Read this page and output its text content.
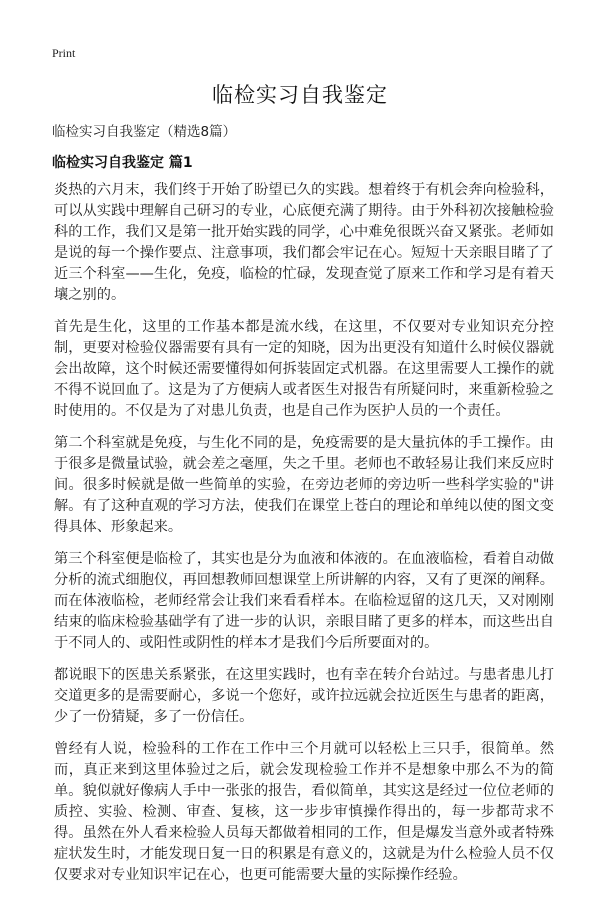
Print
临检实习自我鉴定

临检实习自我鉴定（精选8篇）

临检实习自我鉴定 篇1

炎热的六月末，我们终于开始了盼望已久的实践。想着终于有机会奔向检验科，可以从实践中理解自己研习的专业，心底便充满了期待。由于外科初次接触检验科的工作，我们又是第一批开始实践的同学，心中难免很既兴奋又紧张。老师如是说的每一个操作要点、注意事项，我们都会牢记在心。短短十天亲眼目睹了了近三个科室——生化，免疫，临检的忙碌，发现查觉了原来工作和学习是有着天壤之别的。

首先是生化，这里的工作基本都是流水线，在这里，不仅要对专业知识充分控制，更要对检验仪器需要有具有一定的知晓，因为出更没有知道什么时候仪器就会出故障，这个时候还需要懂得如何拆装固定式机器。在这里需要人工操作的就不得不说回血了。这是为了方便病人或者医生对报告有所疑问时，来重新检验之时使用的。不仅是为了对患儿负责，也是自己作为医护人员的一个责任。

第二个科室就是免疫，与生化不同的是，免疫需要的是大量抗体的手工操作。由于很多是微量试验，就会差之毫厘，失之千里。老师也不敢轻易让我们来反应时间。很多时候就是做一些简单的实验，在旁边老师的旁边听一些科学实验的"讲解。有了这种直观的学习方法，使我们在课堂上苍白的理论和单纯以使的图文变得具体、形象起来。

第三个科室便是临检了，其实也是分为血液和体液的。在血液临检，看着自动做分析的流式细胞仪，再回想教师回想课堂上所讲解的内容，又有了更深的阐释。而在体液临检，老师经常会让我们来看看样本。在临检逗留的这几天，又对刚刚结束的临床检验基础学有了进一步的认识，亲眼目睹了更多的样本，而这些出自于不同人的、或阳性或阴性的样本才是我们今后所要面对的。

都说眼下的医患关系紧张，在这里实践时，也有幸在转介台站过。与患者患儿打交道更多的是需要耐心，多说一个您好，或许拉远就会拉近医生与患者的距离，少了一份猜疑，多了一份信任。

曾经有人说，检验科的工作在工作中三个月就可以轻松上三只手，很简单。然而，真正来到这里体验过之后，就会发现检验工作并不是想象中那么不为的简单。貌似就好像病人手中一张张的报告，看似简单，其实这是经过一位位老师的质控、实验、检测、审查、复核，这一步步审慎操作得出的，每一步都苛求不得。虽然在外人看来检验人员每天都做着相同的工作，但是爆发当意外或者特殊症状发生时，才能发现日复一日的积累是有意义的，这就是为什么检验人员不仅仅要求对专业知识牢记在心，也更可能需要大量的实际操作经验。
